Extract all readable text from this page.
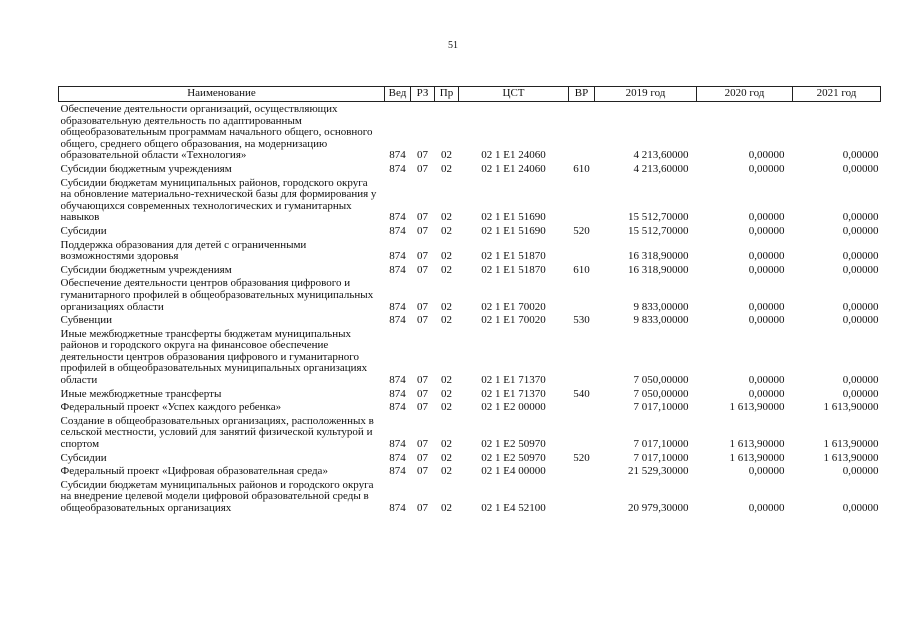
51
Наименование	Вед	РЗ	Пр	ЦСТ	ВР	2019 год	2020 год	2021 год
Обеспечение деятельности организаций, осуществляющих образовательную деятельность по адаптированным общеобразовательным программам начального общего, основного общего, среднего общего образования, на модернизацию образовательной области «Технология»	874	07	02	02 1 E1 24060		4 213,60000	0,00000	0,00000
Субсидии бюджетным учреждениям	874	07	02	02 1 E1 24060	610	4 213,60000	0,00000	0,00000
Субсидии бюджетам муниципальных районов, городского округа на обновление материально-технической базы для формирования у обучающихся современных технологических и гуманитарных навыков	874	07	02	02 1 E1 51690		15 512,70000	0,00000	0,00000
Субсидии	874	07	02	02 1 E1 51690	520	15 512,70000	0,00000	0,00000
Поддержка образования для детей с ограниченными возможностями здоровья	874	07	02	02 1 E1 51870		16 318,90000	0,00000	0,00000
Субсидии бюджетным учреждениям	874	07	02	02 1 E1 51870	610	16 318,90000	0,00000	0,00000
Обеспечение деятельности центров образования цифрового и гуманитарного профилей в общеобразовательных муниципальных организациях области	874	07	02	02 1 E1 70020		9 833,00000	0,00000	0,00000
Субвенции	874	07	02	02 1 E1 70020	530	9 833,00000	0,00000	0,00000
Иные межбюджетные трансферты бюджетам муниципальных районов и городского округа на финансовое обеспечение деятельности центров образования цифрового и гуманитарного профилей в общеобразовательных муниципальных организациях области	874	07	02	02 1 E1 71370		7 050,00000	0,00000	0,00000
Иные межбюджетные трансферты	874	07	02	02 1 E1 71370	540	7 050,00000	0,00000	0,00000
Федеральный проект «Успех каждого ребенка»	874	07	02	02 1 E2 00000		7 017,10000	1 613,90000	1 613,90000
Создание в общеобразовательных организациях, расположенных в сельской местности, условий для занятий физической культурой и спортом	874	07	02	02 1 E2 50970		7 017,10000	1 613,90000	1 613,90000
Субсидии	874	07	02	02 1 E2 50970	520	7 017,10000	1 613,90000	1 613,90000
Федеральный проект «Цифровая образовательная среда»	874	07	02	02 1 E4 00000		21 529,30000	0,00000	0,00000
Субсидии бюджетам муниципальных районов и городского округа на внедрение целевой модели цифровой образовательной среды в общеобразовательных организациях	874	07	02	02 1 E4 52100		20 979,30000	0,00000	0,00000
